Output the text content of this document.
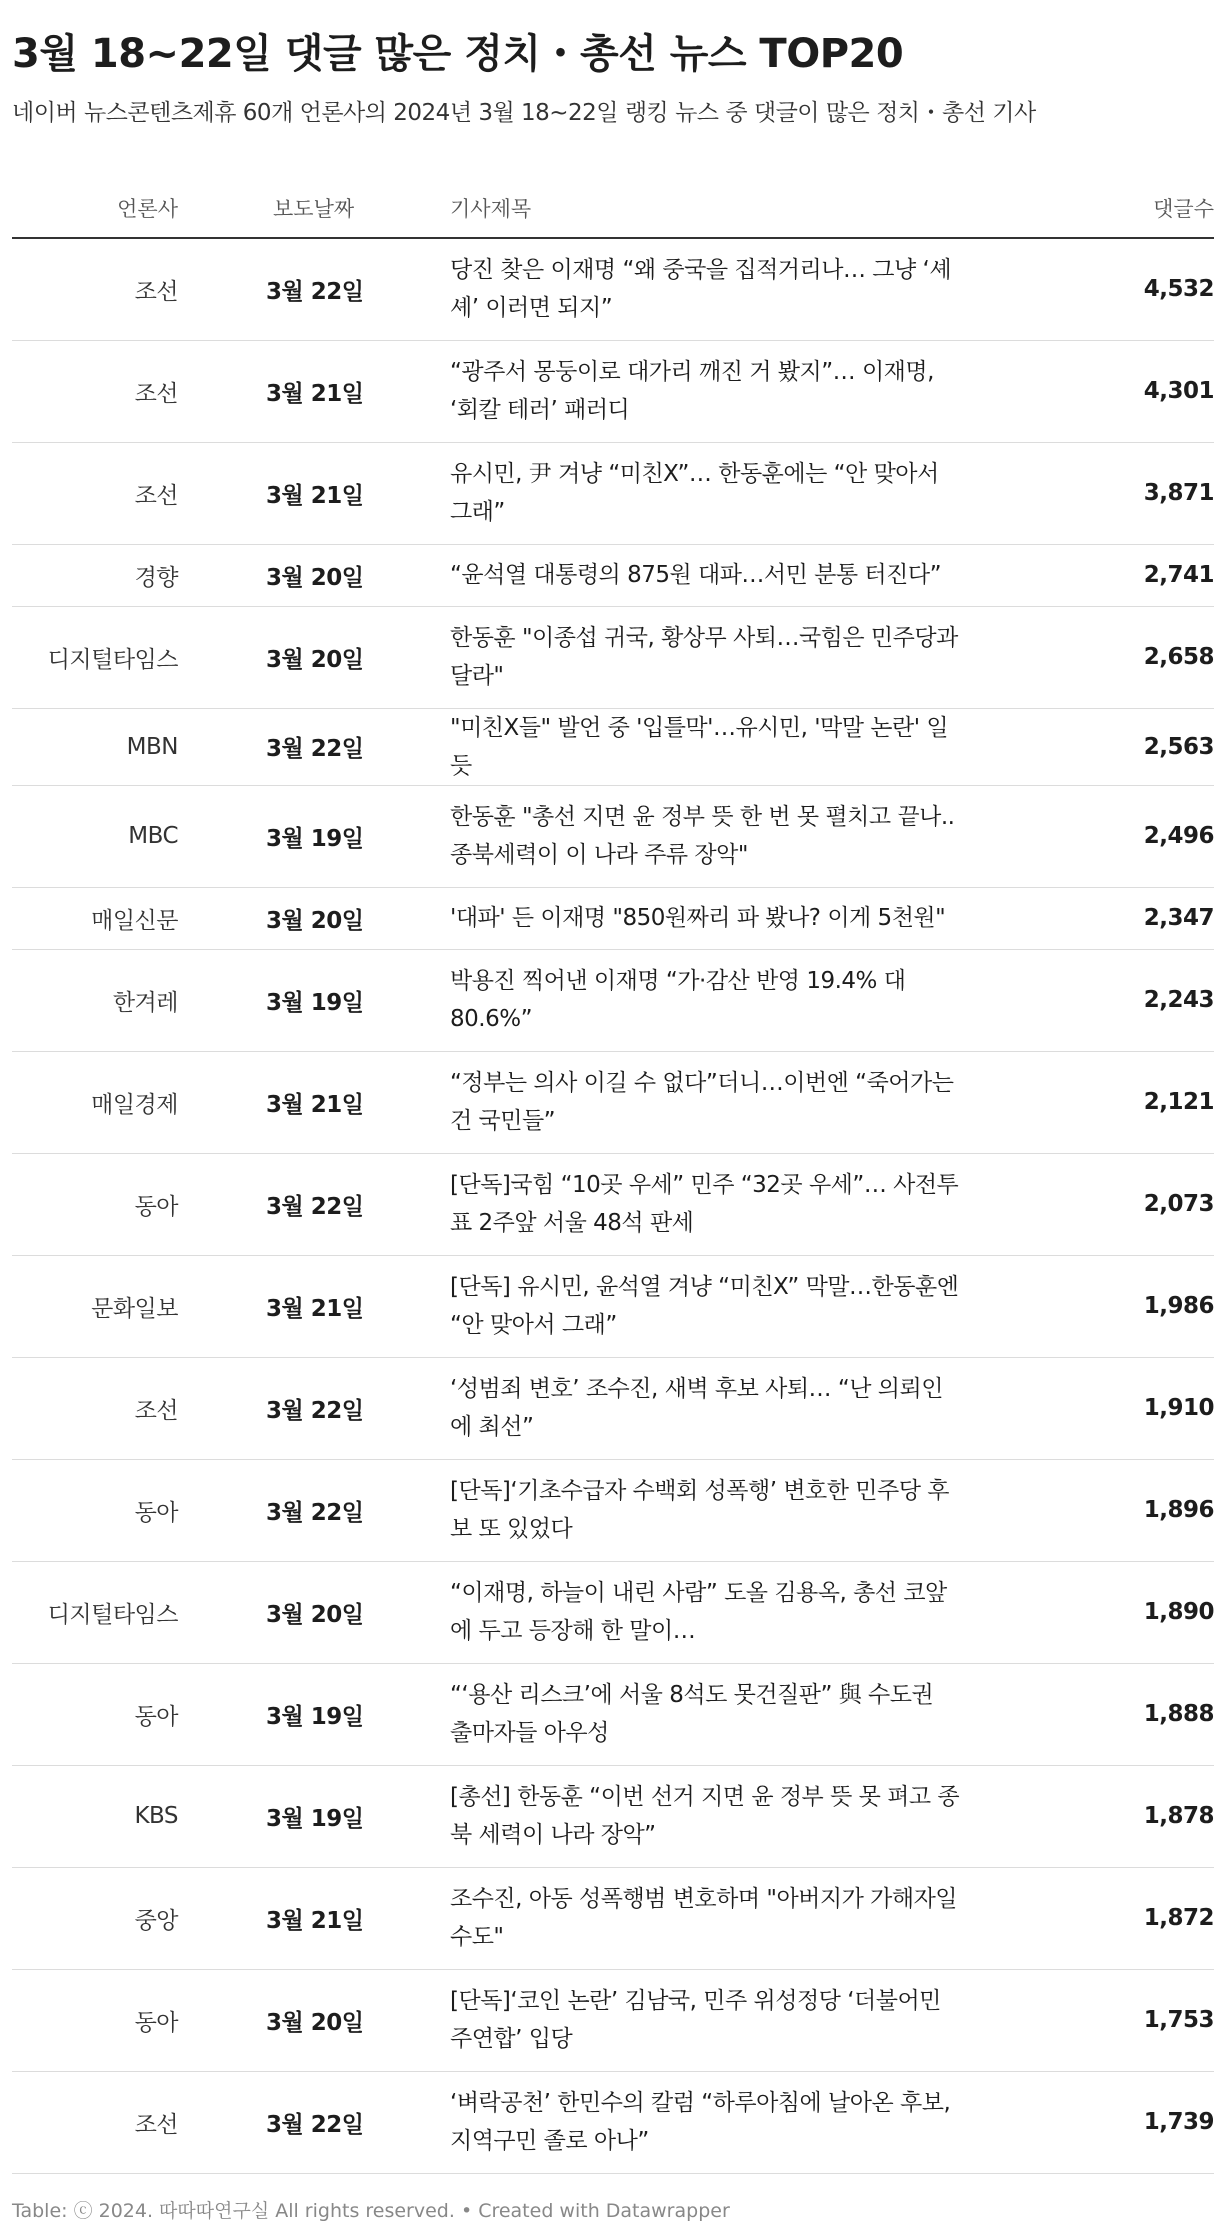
3월 18~22일 댓글 많은 정치・총선 뉴스 TOP20

네이버 뉴스콘텐츠제휴 60개 언론사의 2024년 3월 18~22일 랭킹 뉴스 중 댓글이 많은 정치・총선 기사

언론사	보도날짜	기사제목	댓글수
조선	3월 22일	당진 찾은 이재명 “왜 중국을 집적거리나… 그냥 ‘셰셰’ 이러면 되지”	4,532
조선	3월 21일	“광주서 몽둥이로 대가리 깨진 거 봤지”… 이재명, ‘회칼 테러’ 패러디	4,301
조선	3월 21일	유시민, 尹 겨냥 “미친X”… 한동훈에는 “안 맞아서 그래”	3,871
경향	3월 20일	“윤석열 대통령의 875원 대파…서민 분통 터진다”	2,741
디지털타임스	3월 20일	한동훈 "이종섭 귀국, 황상무 사퇴…국힘은 민주당과 달라"	2,658
MBN	3월 22일	"미친X들" 발언 중 '입틀막'…유시민, '막말 논란' 일듯	2,563
MBC	3월 19일	한동훈 "총선 지면 윤 정부 뜻 한 번 못 펼치고 끝나.. 종북세력이 이 나라 주류 장악"	2,496
매일신문	3월 20일	'대파' 든 이재명 "850원짜리 파 봤나? 이게 5천원"	2,347
한겨레	3월 19일	박용진 찍어낸 이재명 “가·감산 반영 19.4% 대 80.6%”	2,243
매일경제	3월 21일	“정부는 의사 이길 수 없다”더니…이번엔 “죽어가는 건 국민들”	2,121
동아	3월 22일	[단독]국힘 “10곳 우세” 민주 “32곳 우세”… 사전투표 2주앞 서울 48석 판세	2,073
문화일보	3월 21일	[단독] 유시민, 윤석열 겨냥 “미친X” 막말…한동훈엔 “안 맞아서 그래”	1,986
조선	3월 22일	‘성범죄 변호’ 조수진, 새벽 후보 사퇴… “난 의뢰인에 최선”	1,910
동아	3월 22일	[단독]‘기초수급자 수백회 성폭행’ 변호한 민주당 후보 또 있었다	1,896
디지털타임스	3월 20일	“이재명, 하늘이 내린 사람” 도올 김용옥, 총선 코앞에 두고 등장해 한 말이…	1,890
동아	3월 19일	“‘용산 리스크’에 서울 8석도 못건질판” 與 수도권 출마자들 아우성	1,888
KBS	3월 19일	[총선] 한동훈 “이번 선거 지면 윤 정부 뜻 못 펴고 종북 세력이 나라 장악”	1,878
중앙	3월 21일	조수진, 아동 성폭행범 변호하며 "아버지가 가해자일 수도"	1,872
동아	3월 20일	[단독]‘코인 논란’ 김남국, 민주 위성정당 ‘더불어민주연합’ 입당	1,753
조선	3월 22일	‘벼락공천’ 한민수의 칼럼 “하루아침에 날아온 후보, 지역구민 졸로 아나”	1,739
Table: ⓒ 2024. 따따따연구실 All rights reserved. • Created with Datawrapper
